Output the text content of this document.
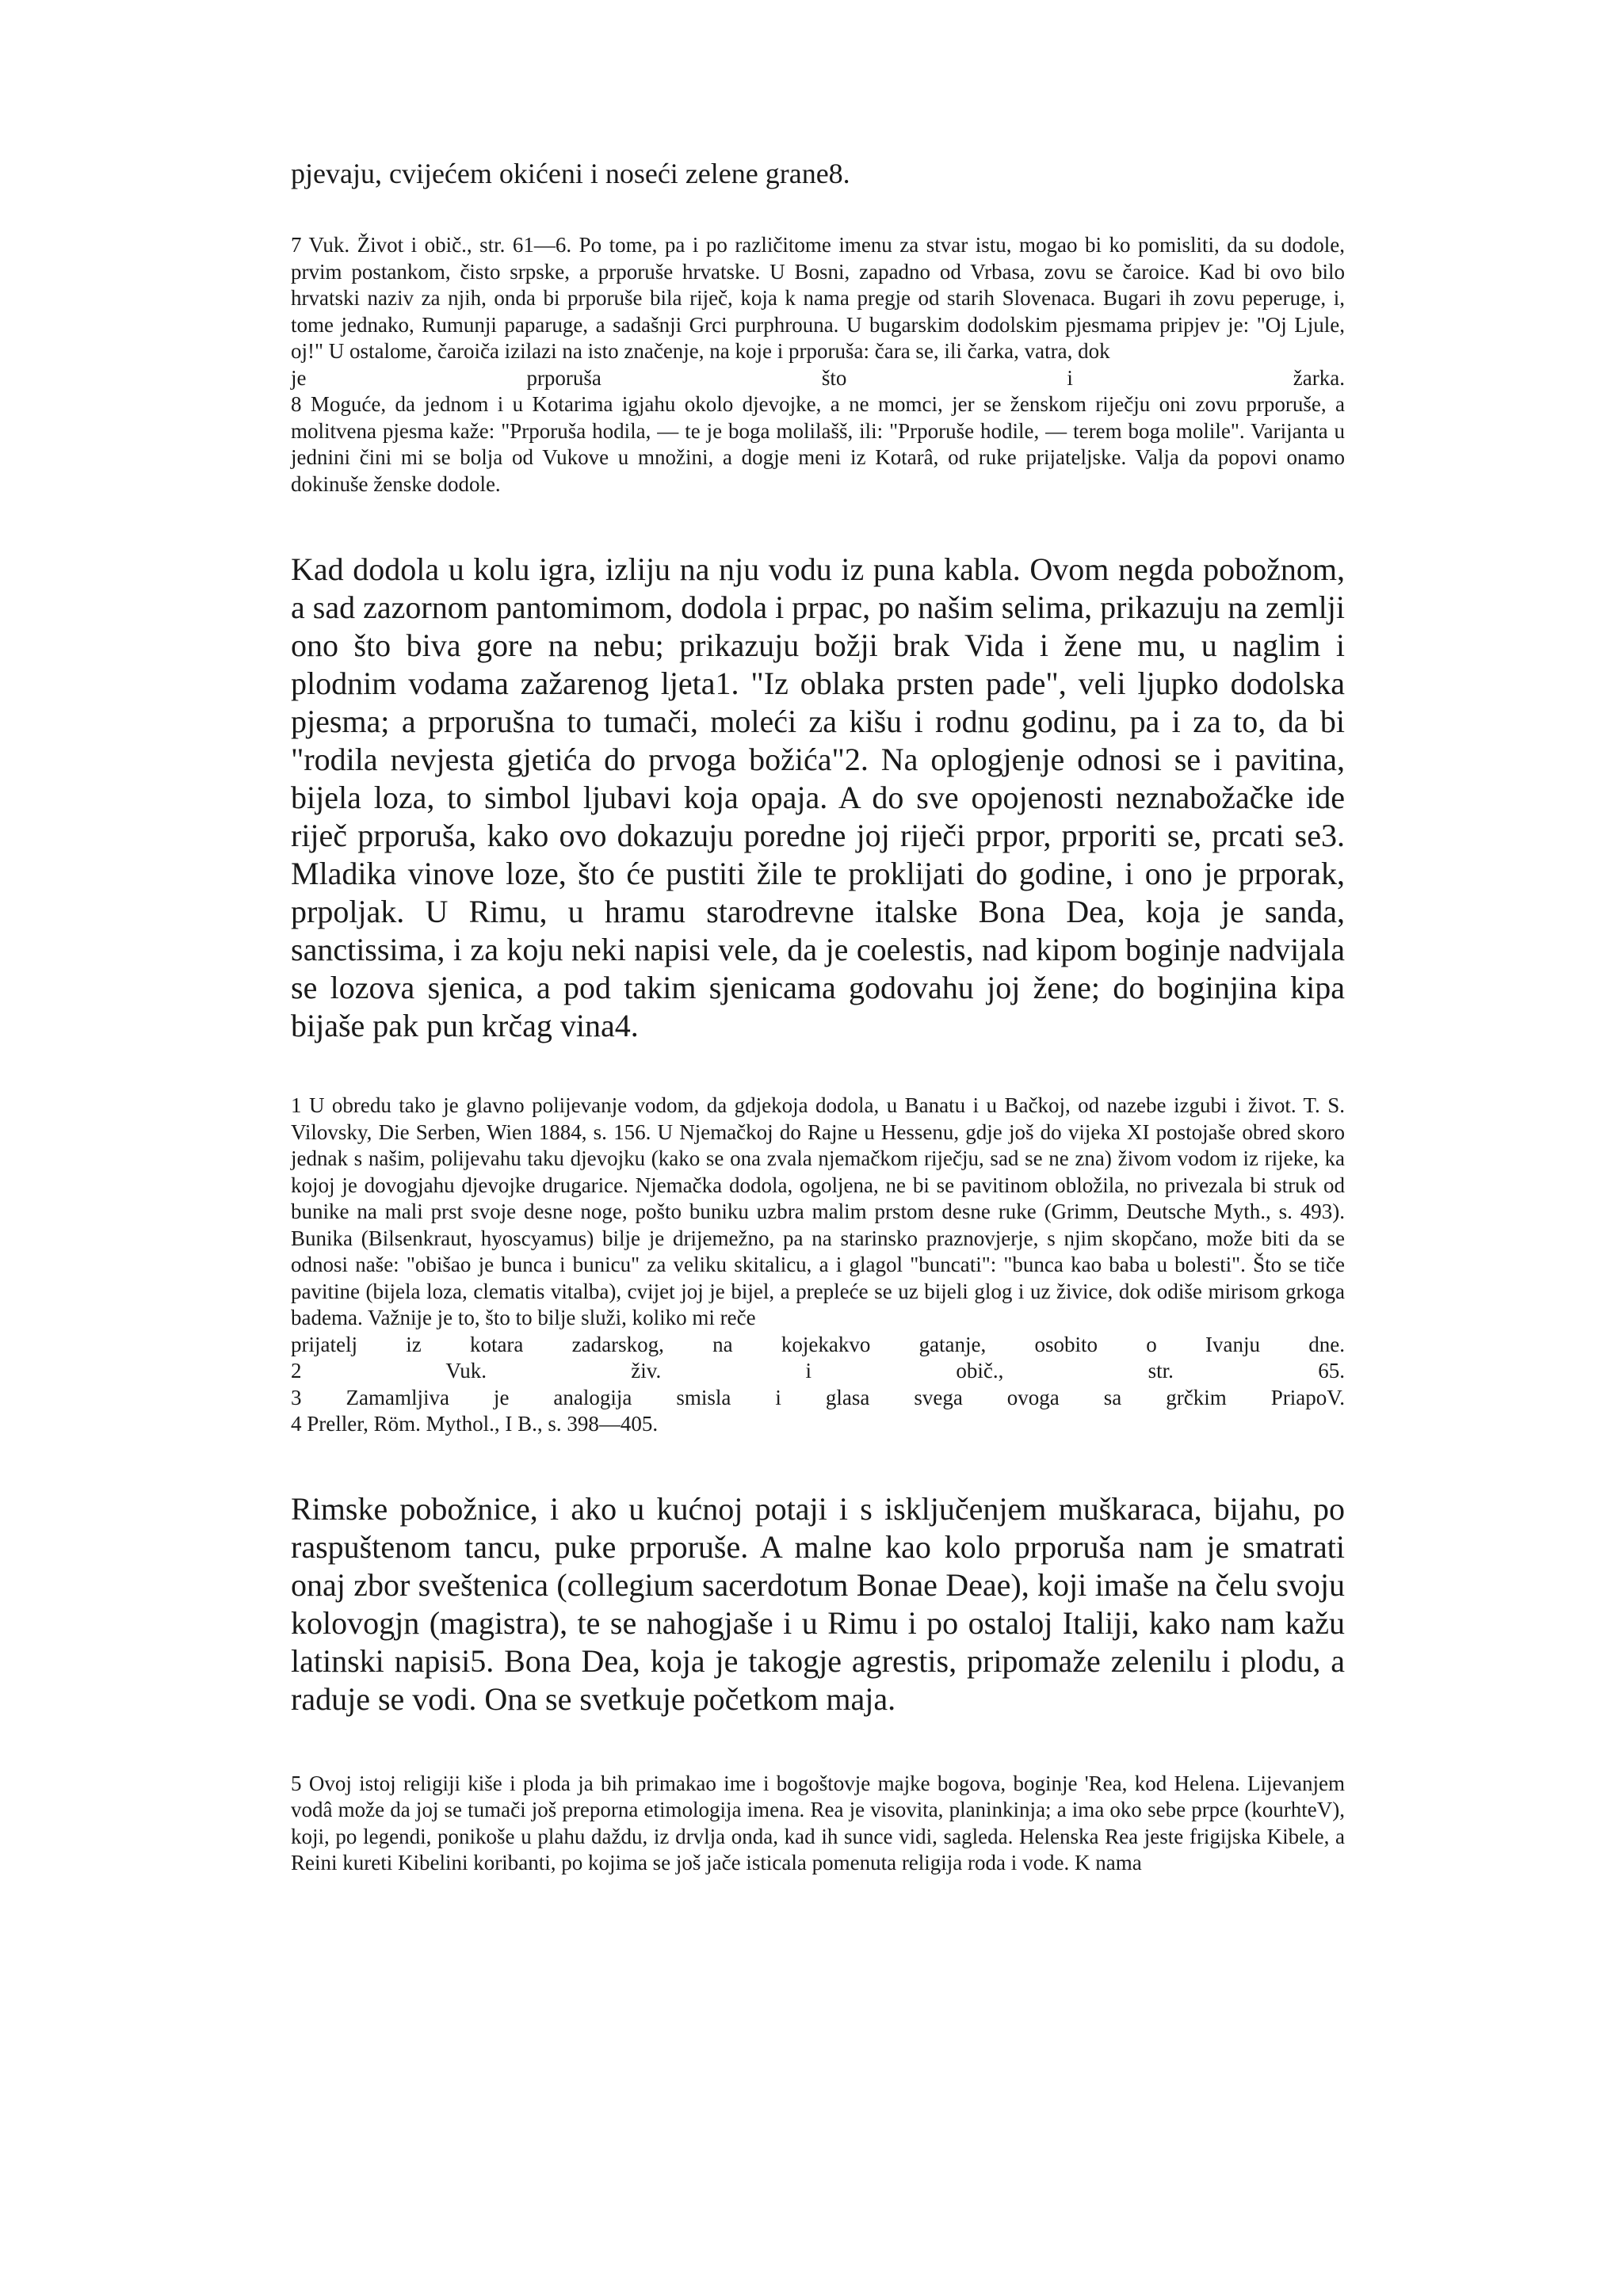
pjevaju, cvijećem okićeni i noseći zelene grane8.

7 Vuk. Život i obič., str. 61—6. Po tome, pa i po različitome imenu za stvar istu, mogao bi ko pomisliti, da su dodole, prvim postankom, čisto srpske, a prporuše hrvatske. U Bosni, zapadno od Vrbasa, zovu se čaroice. Kad bi ovo bilo hrvatski naziv za njih, onda bi prporuše bila riječ, koja k nama pregje od starih Slovenaca. Bugari ih zovu peperuge, i, tome jednako, Rumunji paparuge, a sadašnji Grci purphrouna. U bugarskim dodolskim pjesmama pripjev je: "Oj Ljule, oj!" U ostalome, čaroiča izilazi na isto značenje, na koje i prporuša: čara se, ili čarka, vatra, dok
je prporuša što i žarka.

8 Moguće, da jednom i u Kotarima igjahu okolo djevojke, a ne momci, jer se ženskom riječju oni zovu prporuše, a molitvena pjesma kaže: "Prporuša hodila, — te je boga molilašš, ili: "Prporuše hodile, — terem boga molile". Varijanta u jednini čini mi se bolja od Vukove u množini, a dogje meni iz Kotarâ, od ruke prijateljske. Valja da popovi onamo dokinuše ženske dodole.

Kad dodola u kolu igra, izliju na nju vodu iz puna kabla. Ovom negda pobožnom, a sad zazornom pantomimom, dodola i prpac, po našim selima, prikazuju na zemlji ono što biva gore na nebu; prikazuju božji brak Vida i žene mu, u naglim i plodnim vodama zažarenog ljeta1. "Iz oblaka prsten pade", veli ljupko dodolska pjesma; a prporušna to tumači, moleći za kišu i rodnu godinu, pa i za to, da bi "rodila nevjesta gjetića do prvoga božića"2. Na oplogjenje odnosi se i pavitina, bijela loza, to simbol ljubavi koja opaja. A do sve opojenosti neznabožačke ide riječ prporuša, kako ovo dokazuju poredne joj riječi prpor, prporiti se, prcati se3. Mladika vinove loze, što će pustiti žile te proklijati do godine, i ono je prporak, prpoljak. U Rimu, u hramu starodrevne italske Bona Dea, koja je sanda, sanctissima, i za koju neki napisi vele, da je coelestis, nad kipom boginje nadvijala se lozova sjenica, a pod takim sjenicama godovahu joj žene; do boginjina kipa bijaše pak pun krčag vina4.

1 U obredu tako je glavno polijevanje vodom, da gdjekoja dodola, u Banatu i u Bačkoj, od nazebe izgubi i život. T. S. Vilovsky, Die Serben, Wien 1884, s. 156. U Njemačkoj do Rajne u Hessenu, gdje još do vijeka XI postojaše obred skoro jednak s našim, polijevahu taku djevojku (kako se ona zvala njemačkom riječju, sad se ne zna) živom vodom iz rijeke, ka kojoj je dovogjahu djevojke drugarice. Njemačka dodola, ogoljena, ne bi se pavitinom obložila, no privezala bi struk od bunike na mali prst svoje desne noge, pošto buniku uzbra malim prstom desne ruke (Grimm, Deutsche Myth., s. 493). Bunika (Bilsenkraut, hyoscyamus) bilje je drijemežno, pa na starinsko praznovjerje, s njim skopčano, može biti da se odnosi naše: "obišao je bunca i bunicu" za veliku skitalicu, a i glagol "buncati": "bunca kao baba u bolesti". Što se tiče pavitine (bijela loza, clematis vitalba), cvijet joj je bijel, a prepleće se uz bijeli glog i uz živice, dok odiše mirisom grkoga badema. Važnije je to, što to bilje služi, koliko mi reče
prijatelj iz kotara zadarskog, na kojekakvo gatanje, osobito o Ivanju dne.

2 Vuk. živ. i obič., str. 65.

3 Zamamljiva je analogija smisla i glasa svega ovoga sa grčkim PriapoV.

4 Preller, Röm. Mythol., I B., s. 398—405.

Rimske pobožnice, i ako u kućnoj potaji i s isključenjem muškaraca, bijahu, po raspuštenom tancu, puke prporuše. A malne kao kolo prporuša nam je smatrati onaj zbor sveštenica (collegium sacerdotum Bonae Deae), koji imaše na čelu svoju kolovogjn (magistra), te se nahogjaše i u Rimu i po ostaloj Italiji, kako nam kažu latinski napisi5. Bona Dea, koja je takogje agrestis, pripomaže zelenilu i plodu, a raduje se vodi. Ona se svetkuje početkom maja.

5 Ovoj istoj religiji kiše i ploda ja bih primakao ime i bogoštovje majke bogova, boginje 'Rea, kod Helena. Lijevanjem vodâ može da joj se tumači još preporna etimologija imena. Rea je visovita, planinkinja; a ima oko sebe prpce (kourhteV), koji, po legendi, ponikoše u plahu daždu, iz drvlja onda, kad ih sunce vidi, sagleda. Helenska Rea jeste frigijska Kibele, a Reini kureti Kibelini koribanti, po kojima se još jače isticala pomenuta religija roda i vode. K nama
